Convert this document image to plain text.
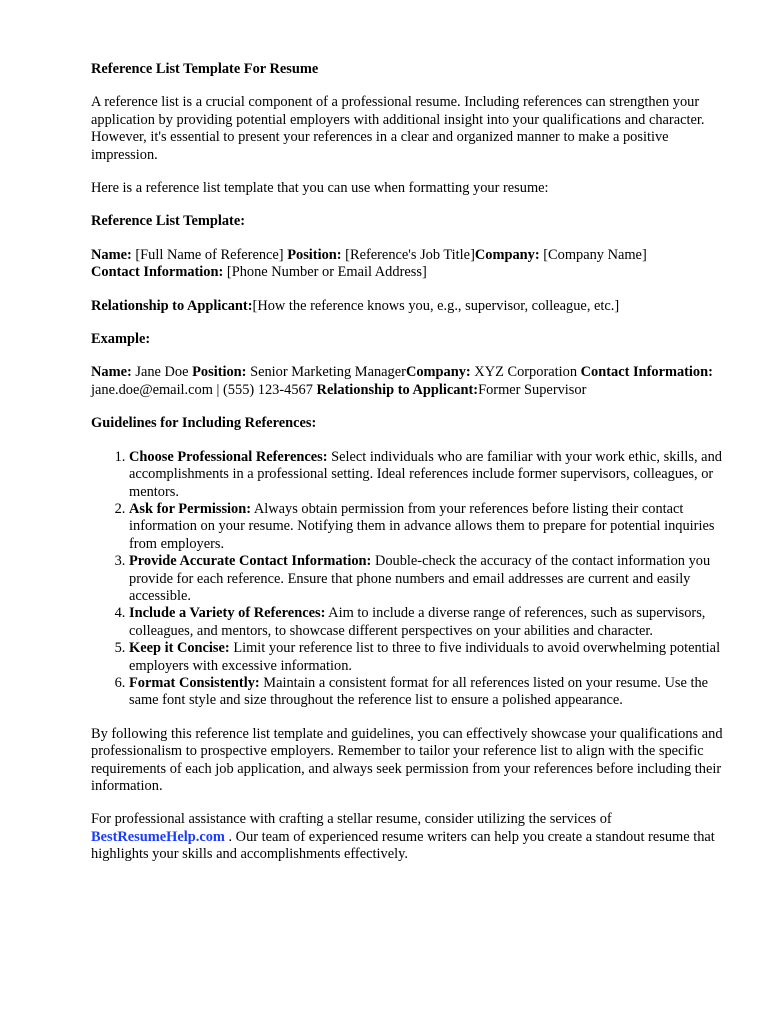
Reference List Template For Resume

A reference list is a crucial component of a professional resume. Including references can strengthen your application by providing potential employers with additional insight into your qualifications and character. However, it's essential to present your references in a clear and organized manner to make a positive impression.

Here is a reference list template that you can use when formatting your resume:

Reference List Template:

Name: [Full Name of Reference] Position: [Reference's Job Title]Company: [Company Name]
Contact Information: [Phone Number or Email Address]

Relationship to Applicant:[How the reference knows you, e.g., supervisor, colleague, etc.]

Example:

Name: Jane Doe Position: Senior Marketing ManagerCompany: XYZ Corporation Contact Information: jane.doe@email.com | (555) 123-4567 Relationship to Applicant:Former Supervisor

Guidelines for Including References:

1. Choose Professional References: Select individuals who are familiar with your work ethic, skills, and accomplishments in a professional setting. Ideal references include former supervisors, colleagues, or mentors.
2. Ask for Permission: Always obtain permission from your references before listing their contact information on your resume. Notifying them in advance allows them to prepare for potential inquiries from employers.
3. Provide Accurate Contact Information: Double-check the accuracy of the contact information you provide for each reference. Ensure that phone numbers and email addresses are current and easily accessible.
4. Include a Variety of References: Aim to include a diverse range of references, such as supervisors, colleagues, and mentors, to showcase different perspectives on your abilities and character.
5. Keep it Concise: Limit your reference list to three to five individuals to avoid overwhelming potential employers with excessive information.
6. Format Consistently: Maintain a consistent format for all references listed on your resume. Use the same font style and size throughout the reference list to ensure a polished appearance.

By following this reference list template and guidelines, you can effectively showcase your qualifications and professionalism to prospective employers. Remember to tailor your reference list to align with the specific requirements of each job application, and always seek permission from your references before including their information.

For professional assistance with crafting a stellar resume, consider utilizing the services of
BestResumeHelp.com . Our team of experienced resume writers can help you create a standout resume that highlights your skills and accomplishments effectively.
